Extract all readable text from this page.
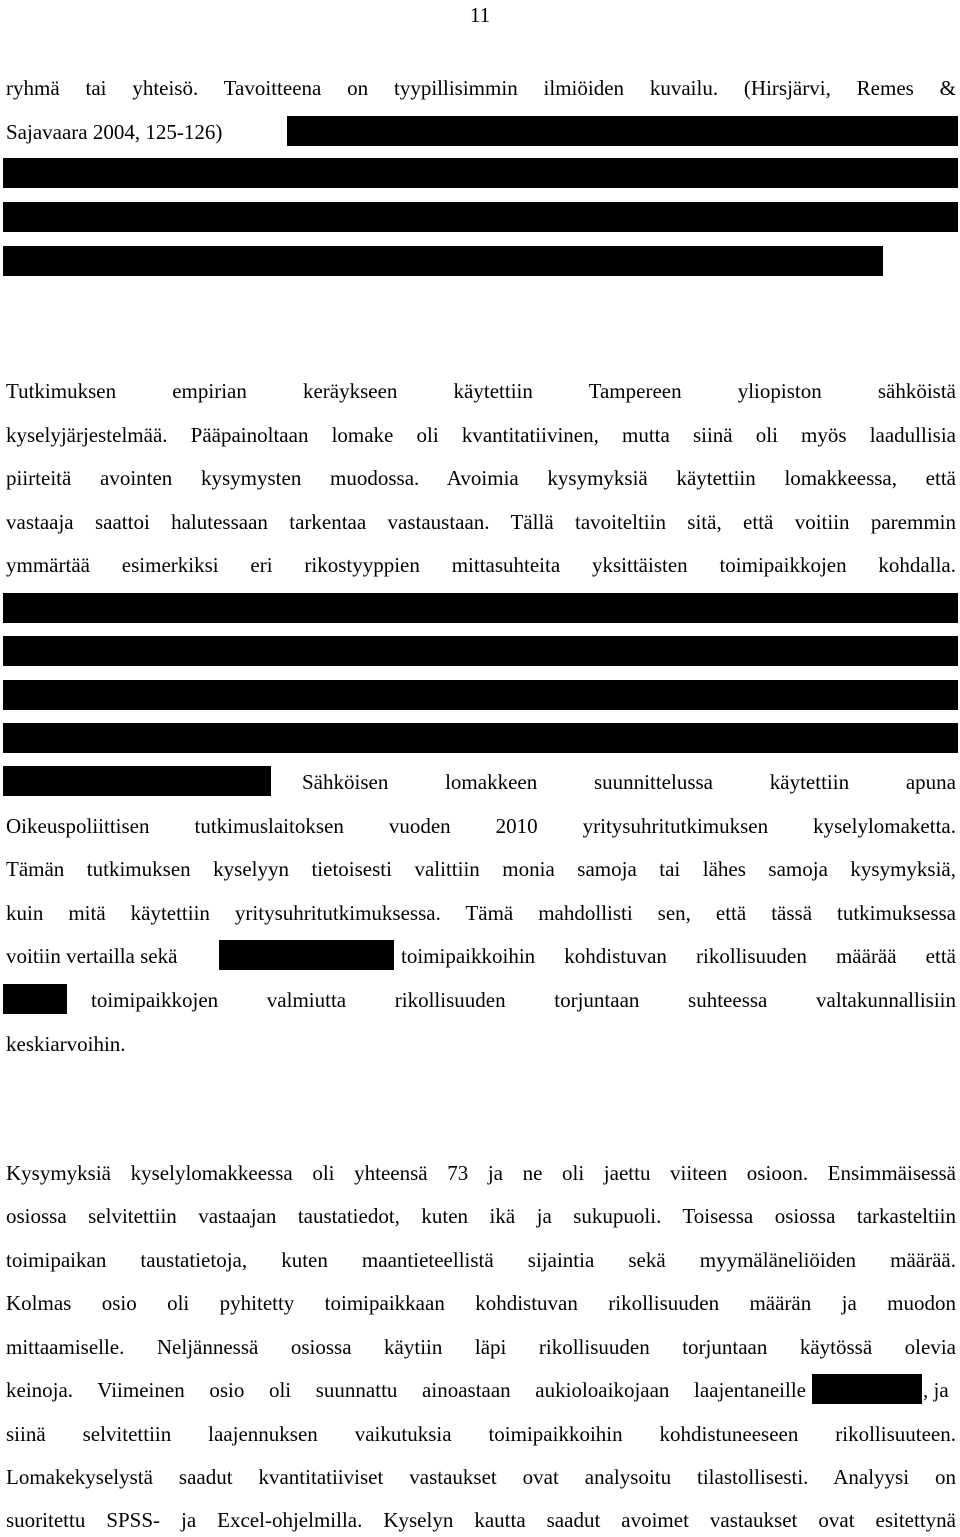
11
ryhmä tai yhteisö. Tavoitteena on tyypillisimmin ilmiöiden kuvailu. (Hirsjärvi, Remes &
Sajavaara 2004, 125-126)
Tutkimuksen empirian keräykseen käytettiin Tampereen yliopiston sähköistä
kyselyjärjestelmää. Pääpainoltaan lomake oli kvantitatiivinen, mutta siinä oli myös laadullisia
piirteitä avointen kysymysten muodossa. Avoimia kysymyksiä käytettiin lomakkeessa, että
vastaaja saattoi halutessaan tarkentaa vastaustaan. Tällä tavoiteltiin sitä, että voitiin paremmin
ymmärtää esimerkiksi eri rikostyyppien mittasuhteita yksittäisten toimipaikkojen kohdalla.
Sähköisen lomakkeen suunnittelussa käytettiin apuna
Oikeuspoliittisen tutkimuslaitoksen vuoden 2010 yritysuhritutkimuksen kyselylomaketta.
Tämän tutkimuksen kyselyyn tietoisesti valittiin monia samoja tai lähes samoja kysymyksiä,
kuin mitä käytettiin yritysuhritutkimuksessa. Tämä mahdollisti sen, että tässä tutkimuksessa
voitiin vertailla sekä	toimipaikkoihin kohdistuvan rikollisuuden määrää että
toimipaikkojen valmiutta rikollisuuden torjuntaan suhteessa valtakunnallisiin
keskiarvoihin.
Kysymyksiä kyselylomakkeessa oli yhteensä 73 ja ne oli jaettu viiteen osioon. Ensimmäisessä
osiossa selvitettiin vastaajan taustatiedot, kuten ikä ja sukupuoli. Toisessa osiossa tarkasteltiin
toimipaikan taustatietoja, kuten maantieteellistä sijaintia sekä myymäläneliöiden määrää.
Kolmas osio oli pyhitetty toimipaikkaan kohdistuvan rikollisuuden määrän ja muodon
mittaamiselle. Neljännessä osiossa käytiin läpi rikollisuuden torjuntaan käytössä olevia
keinoja. Viimeinen osio oli suunnattu ainoastaan aukioloaikojaan laajentaneille	, ja
siinä selvitettiin laajennuksen vaikutuksia toimipaikkoihin kohdistuneeseen rikollisuuteen.
Lomakekyselystä saadut kvantitatiiviset vastaukset ovat analysoitu tilastollisesti. Analyysi on
suoritettu SPSS- ja Excel-ohjelmilla. Kyselyn kautta saadut avoimet vastaukset ovat esitettynä
